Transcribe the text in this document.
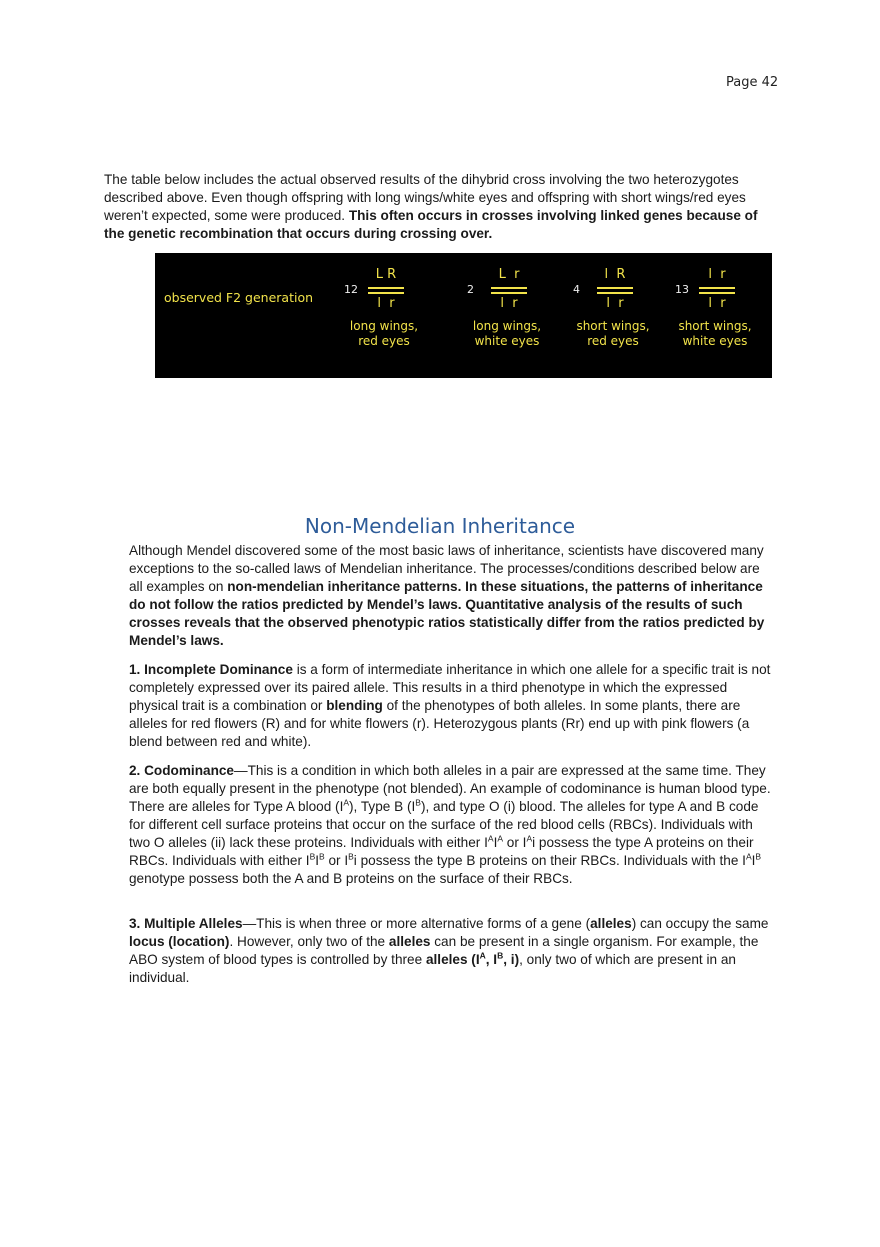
Page 42

The table below includes the actual observed results of the dihybrid cross involving the two heterozygotes described above. Even though offspring with long wings/white eyes and offspring with short wings/red eyes weren’t expected, some were produced. This often occurs in crosses involving linked genes because of the genetic recombination that occurs during crossing over.

observed F2 generation
12
L R
l  r
long wings,
red eyes
2
L  r
l  r
long wings,
white eyes
4
l  R
l  r
short wings,
red eyes
13
l  r
l  r
short wings,
white eyes
Non-Mendelian Inheritance

Although Mendel discovered some of the most basic laws of inheritance, scientists have discovered many exceptions to the so-called laws of Mendelian inheritance. The processes/conditions described below are all examples on non-mendelian inheritance patterns. In these situations, the patterns of inheritance do not follow the ratios predicted by Mendel’s laws. Quantitative analysis of the results of such crosses reveals that the observed phenotypic ratios statistically differ from the ratios predicted by Mendel’s laws.

1. Incomplete Dominance is a form of intermediate inheritance in which one allele for a specific trait is not completely expressed over its paired allele. This results in a third phenotype in which the expressed physical trait is a combination or blending of the phenotypes of both alleles. In some plants, there are alleles for red flowers (R) and for white flowers (r). Heterozygous plants (Rr) end up with pink flowers (a blend between red and white).

2. Codominance—This is a condition in which both alleles in a pair are expressed at the same time. They are both equally present in the phenotype (not blended). An example of codominance is human blood type. There are alleles for Type A blood $(I^A)$, Type B $(I^B)$, and type O (i) blood. The alleles for type A and B code for different cell surface proteins that occur on the surface of the red blood cells (RBCs). Individuals with two O alleles (ii) lack these proteins. Individuals with either $I^AI^A$ or $I^Ai$ possess the type A proteins on their RBCs. Individuals with either $I^BI^B$ or $I^Bi$ possess the type B proteins on their RBCs. Individuals with the $I^AI^B$ genotype possess both the A and B proteins on the surface of their RBCs.

3. Multiple Alleles—This is when three or more alternative forms of a gene (alleles) can occupy the same locus (location). However, only two of the alleles can be present in a single organism. For example, the ABO system of blood types is controlled by three alleles ($I^A$, $I^B$, i), only two of which are present in an individual.
